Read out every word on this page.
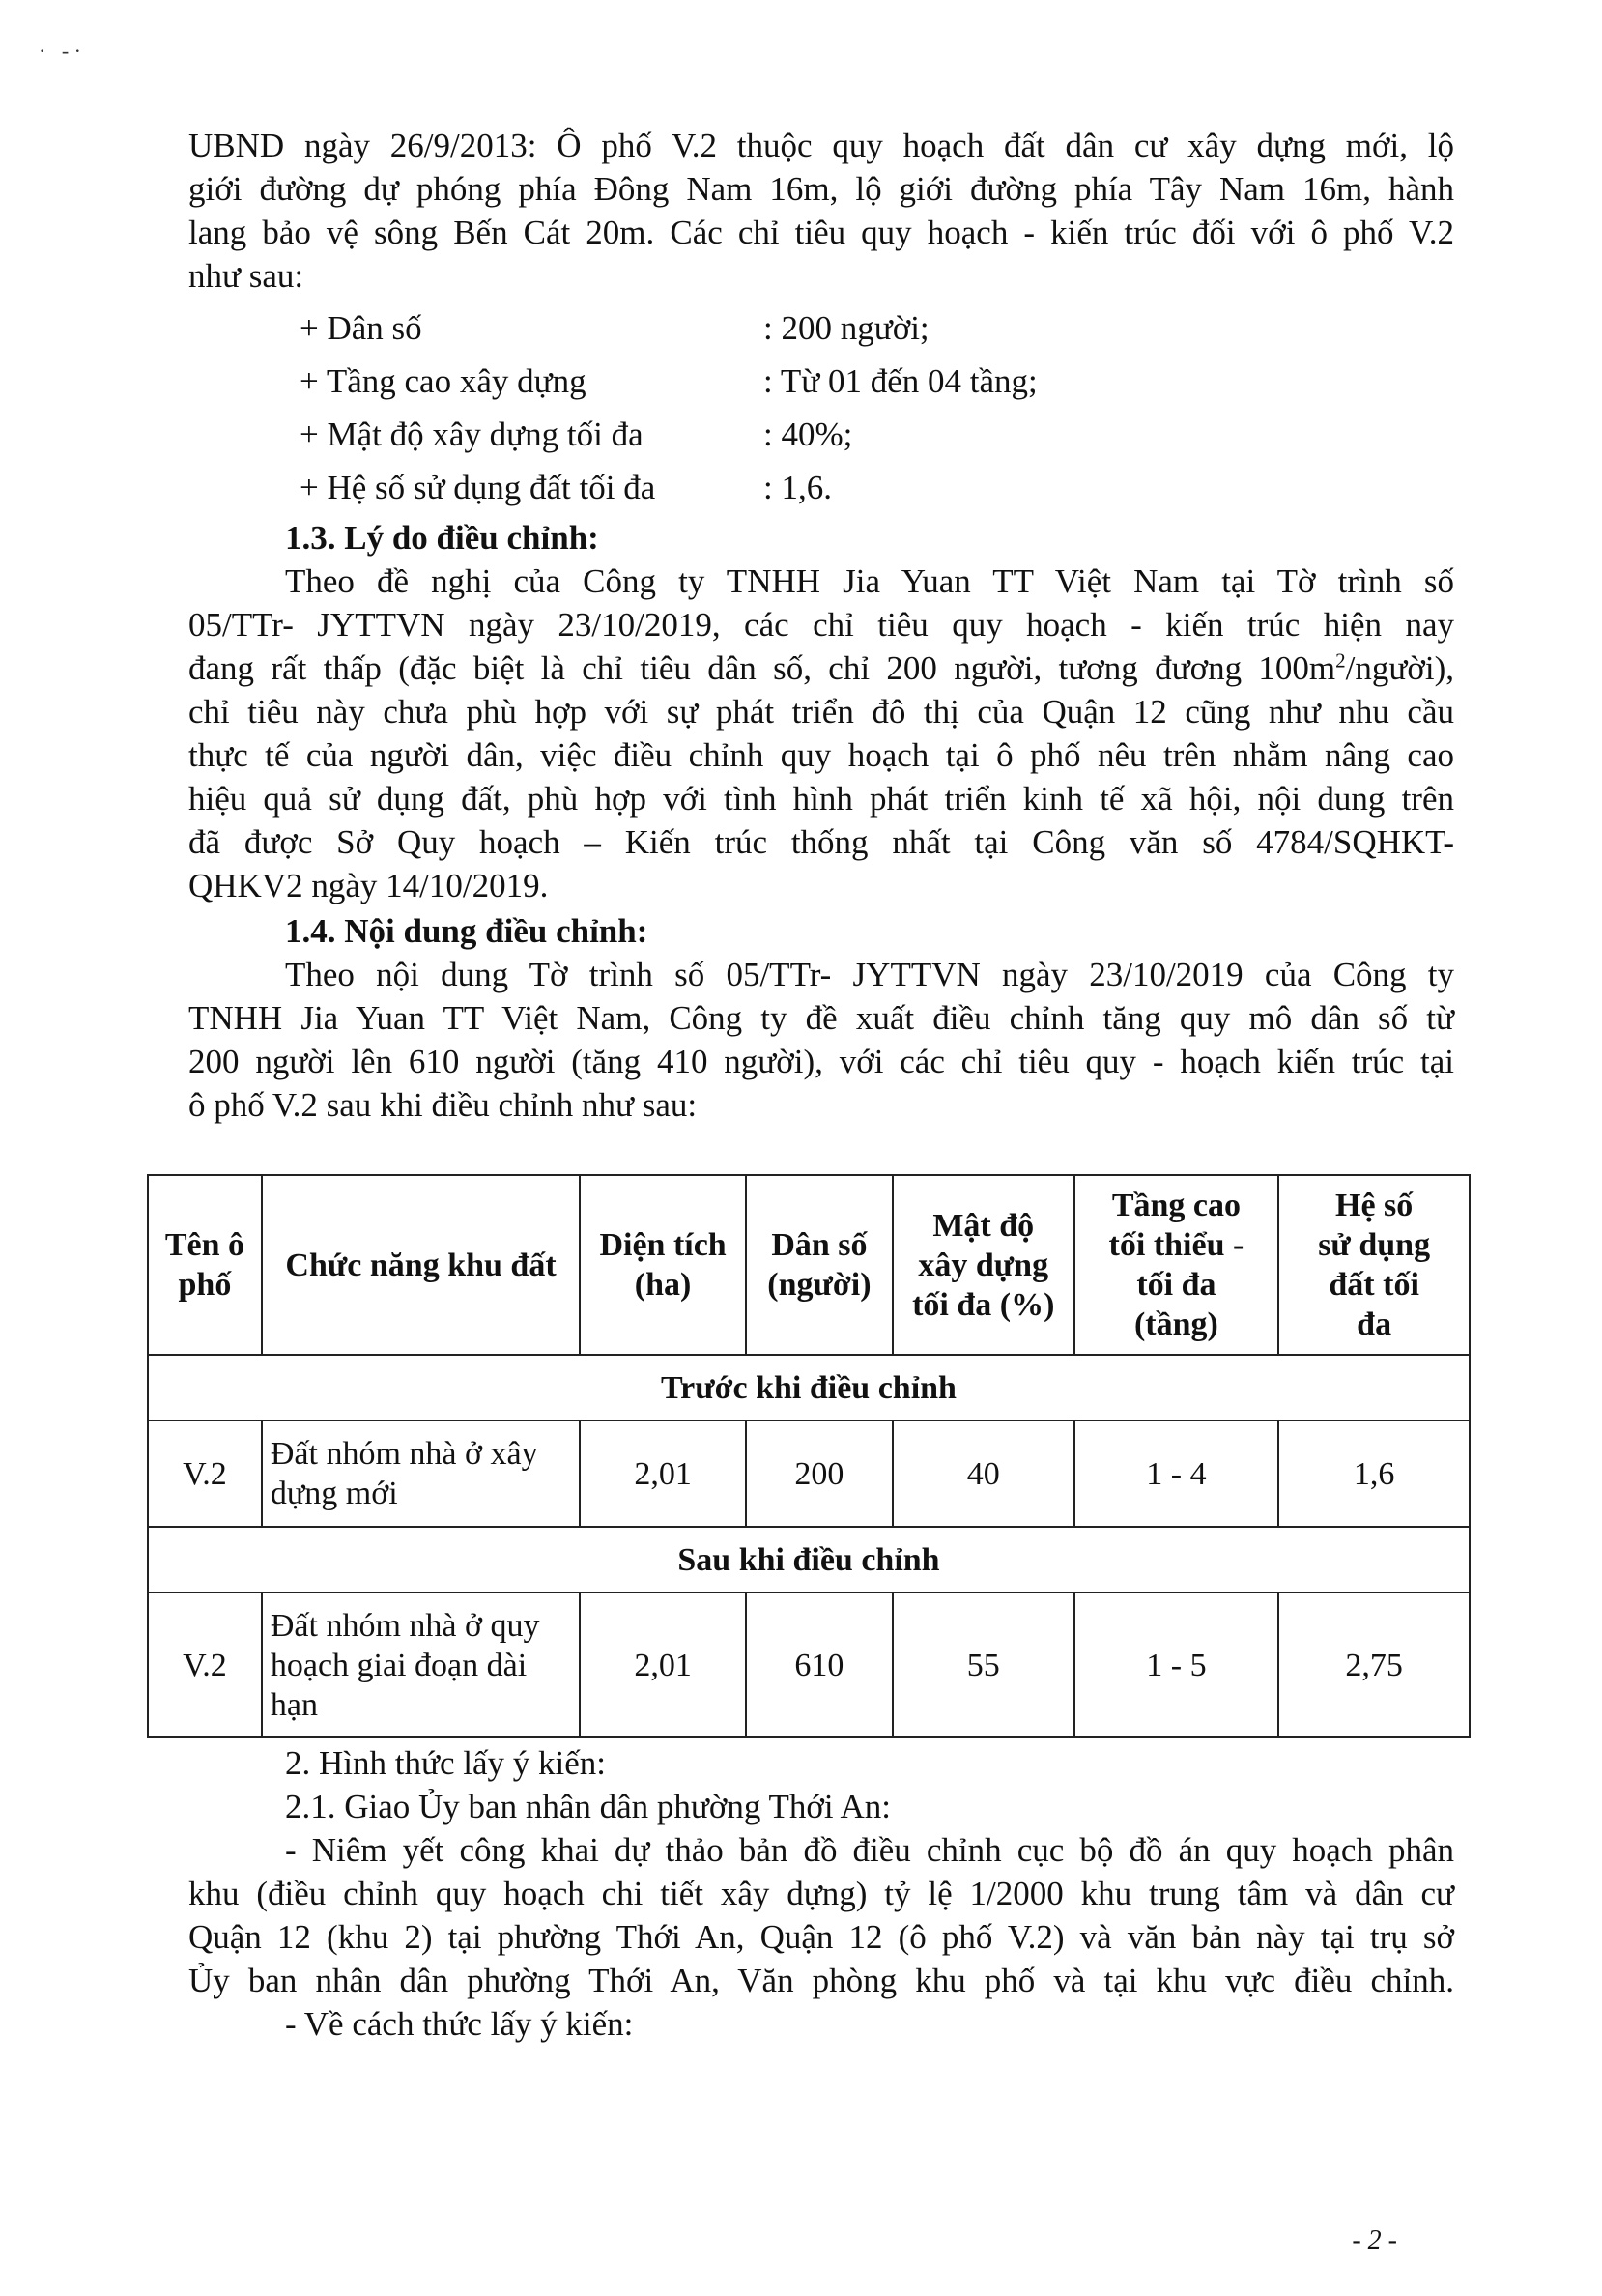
·   - ·

UBND ngày 26/9/2013: Ô phố V.2 thuộc quy hoạch đất dân cư xây dựng mới, lộ

giới đường dự phóng phía Đông Nam 16m, lộ giới đường phía Tây Nam 16m, hành

lang bảo vệ sông Bến Cát 20m. Các chỉ tiêu quy hoạch - kiến trúc đối với ô phố V.2

như sau:

+ Dân số	: 200 người;
+ Tầng cao xây dựng	: Từ 01 đến 04 tầng;
+ Mật độ xây dựng tối đa	: 40%;
+ Hệ số sử dụng đất tối đa	: 1,6.

1.3. Lý do điều chỉnh:

Theo đề nghị của Công ty TNHH Jia Yuan TT Việt Nam tại Tờ trình số

05/TTr- JYTTVN ngày 23/10/2019, các chỉ tiêu quy hoạch - kiến trúc hiện nay

đang rất thấp (đặc biệt là chỉ tiêu dân số, chỉ 200 người, tương đương $100m^2/người$),

chỉ tiêu này chưa phù hợp với sự phát triển đô thị của Quận 12 cũng như nhu cầu

thực tế của người dân, việc điều chỉnh quy hoạch tại ô phố nêu trên nhằm nâng cao

hiệu quả sử dụng đất, phù hợp với tình hình phát triển kinh tế xã hội, nội dung trên

đã được Sở Quy hoạch – Kiến trúc thống nhất tại Công văn số 4784/SQHKT-

QHKV2 ngày 14/10/2019.

1.4. Nội dung điều chỉnh:

Theo nội dung Tờ trình số 05/TTr- JYTTVN ngày 23/10/2019 của Công ty

TNHH Jia Yuan TT Việt Nam, Công ty đề xuất điều chỉnh tăng quy mô dân số từ

200 người lên 610 người (tăng 410 người), với các chỉ tiêu quy - hoạch kiến trúc tại

ô phố V.2 sau khi điều chỉnh như sau:

Tên ô
phố	Chức năng khu đất	Diện tích
(ha)	Dân số
(người)	Mật độ
xây dựng
tối đa (%)	Tầng cao
tối thiểu -
tối đa
(tầng)	Hệ số
sử dụng
đất tối
đa
Trước khi điều chỉnh						
V.2	Đất nhóm nhà ở xây
dựng mới	2,01	200	40	1 - 4	1,6
Sau khi điều chỉnh						
V.2	Đất nhóm nhà ở quy
hoạch giai đoạn dài
hạn	2,01	610	55	1 - 5	2,75

2. Hình thức lấy ý kiến:

2.1. Giao Ủy ban nhân dân phường Thới An:

- Niêm yết công khai dự thảo bản đồ điều chỉnh cục bộ đồ án quy hoạch phân

khu (điều chỉnh quy hoạch chi tiết xây dựng) tỷ lệ 1/2000 khu trung tâm và dân cư

Quận 12 (khu 2) tại phường Thới An, Quận 12 (ô phố V.2) và văn bản này tại trụ sở

Ủy ban nhân dân phường Thới An, Văn phòng khu phố và tại khu vực điều chỉnh.

- Về cách thức lấy ý kiến:

- 2 -
